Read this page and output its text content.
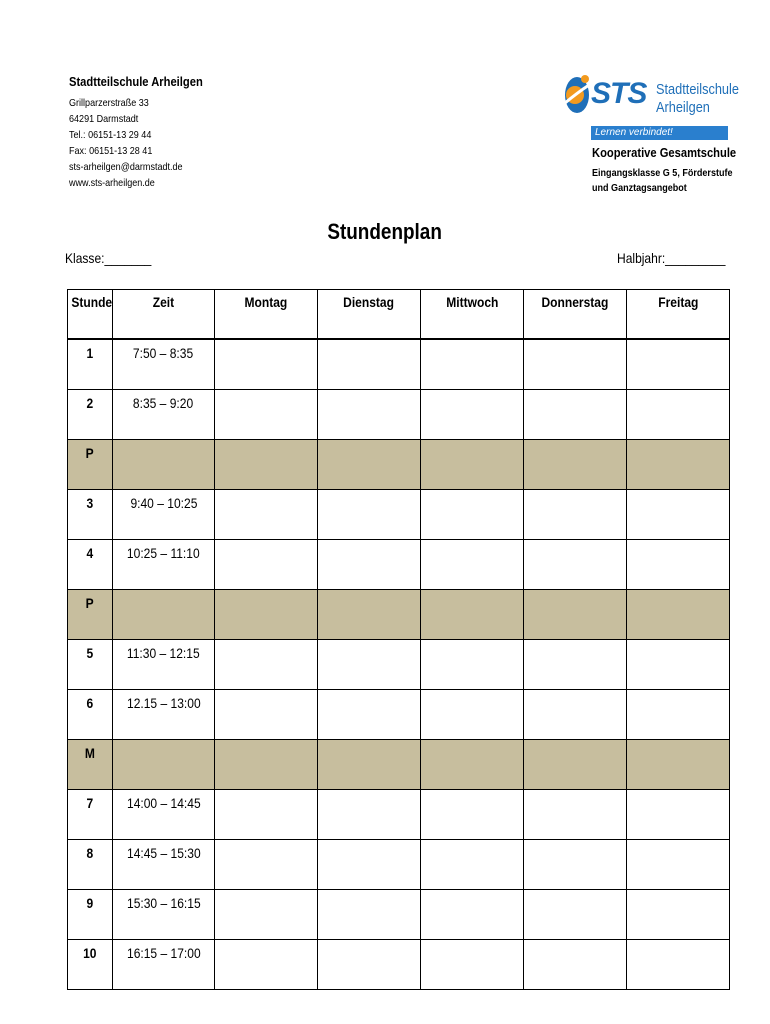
Stadtteilschule Arheilgen
Grillparzerstraße 33
64291 Darmstadt
Tel.: 06151-13 29 44
Fax: 06151-13 28 41
sts-arheilgen@darmstadt.de
www.sts-arheilgen.de
STS Stadtteilschule
Arheilgen
Lernen verbindet!
Kooperative Gesamtschule
Eingangsklasse G 5, Förderstufe
und Ganztagsangebot
Stundenplan
Klasse:_______	Halbjahr:_________
Stunde	Zeit	Montag	Dienstag	Mittwoch	Donnerstag	Freitag
1	7:50 – 8:35					
2	8:35 – 9:20					
P						
3	9:40 – 10:25					
4	10:25 – 11:10					
P						
5	11:30 – 12:15					
6	12.15 – 13:00					
M						
7	14:00 – 14:45					
8	14:45 – 15:30					
9	15:30 – 16:15					
10	16:15 – 17:00					
